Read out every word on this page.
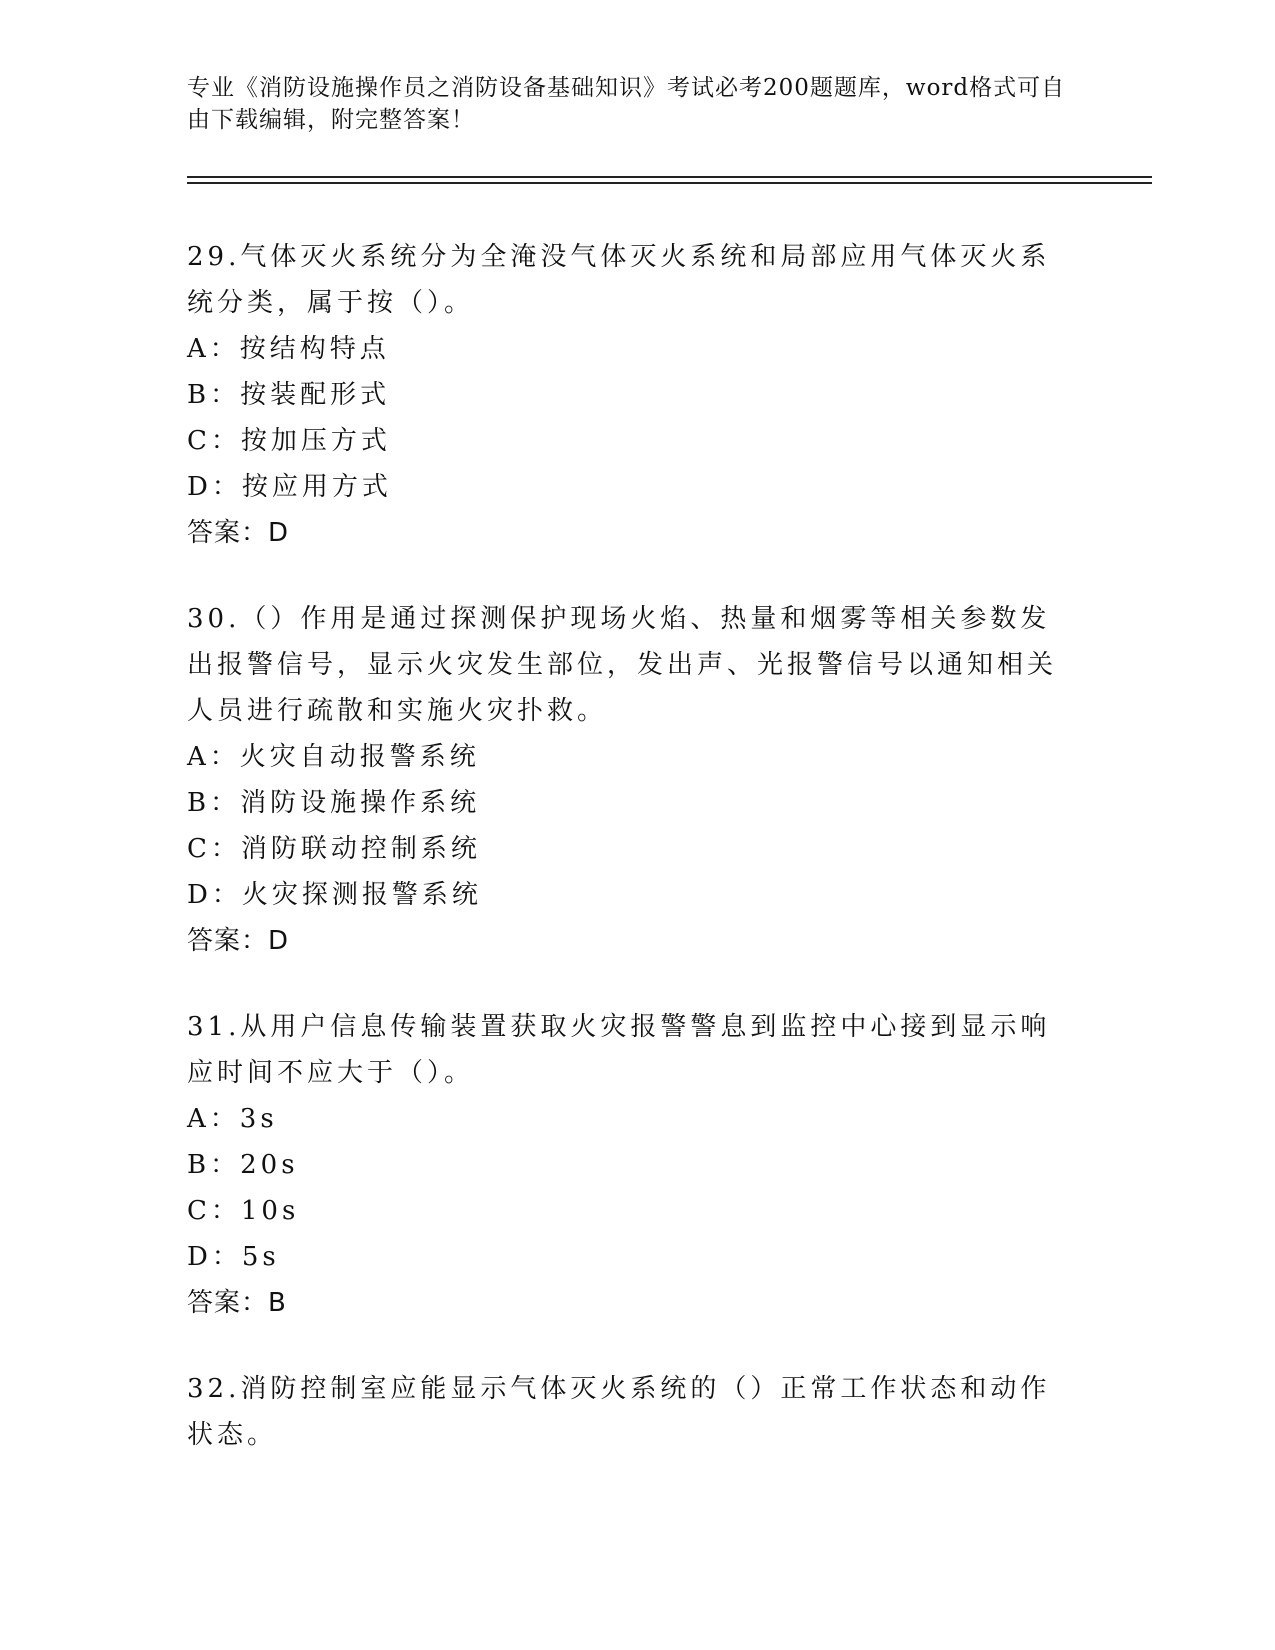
专业《消防设施操作员之消防设备基础知识》考试必考200题题库，word格式可自由下载编辑，附完整答案！

29.气体灭火系统分为全淹没气体灭火系统和局部应用气体灭火系统分类，属于按（）。

A：按结构特点

B：按装配形式

C：按加压方式

D：按应用方式

答案：D

30.（）作用是通过探测保护现场火焰、热量和烟雾等相关参数发出报警信号，显示火灾发生部位，发出声、光报警信号以通知相关人员进行疏散和实施火灾扑救。

A：火灾自动报警系统

B：消防设施操作系统

C：消防联动控制系统

D：火灾探测报警系统

答案：D

31.从用户信息传输装置获取火灾报警警息到监控中心接到显示响应时间不应大于（）。

A：3s

B：20s

C：10s

D：5s

答案：B

32.消防控制室应能显示气体灭火系统的（）正常工作状态和动作状态。
